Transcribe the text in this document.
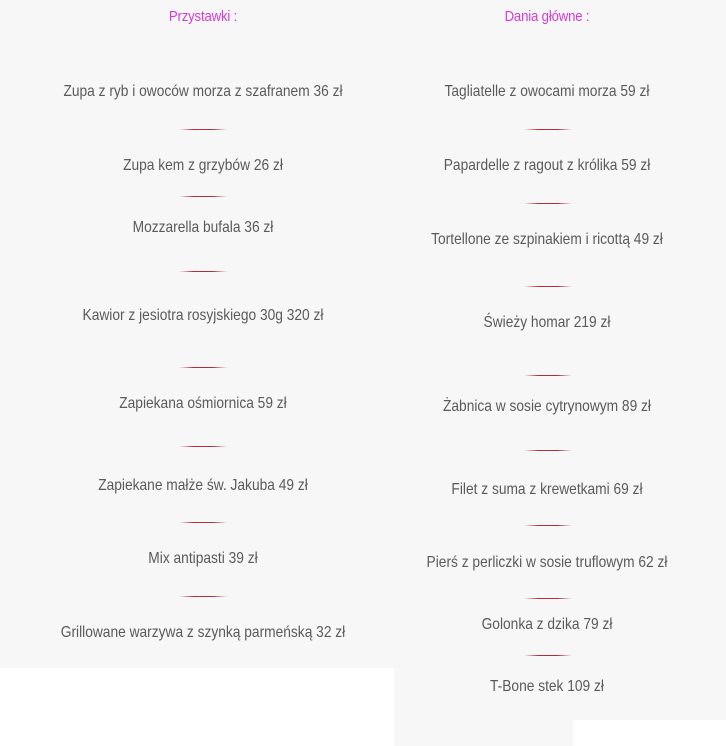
Przystawki :
Zupa z ryb i owoców morza z szafranem 36 zł
Zupa kem z grzybów 26 zł
Mozzarella bufala 36 zł
Kawior z jesiotra rosyjskiego 30g 320 zł
Zapiekana ośmiornica 59 zł
Zapiekane małże św. Jakuba 49 zł
Mix antipasti 39 zł
Grillowane warzywa z szynką parmeńską 32 zł
Dania główne :
Tagliatelle z owocami morza 59 zł
Papardelle z ragout z królika 59 zł
Tortellone ze szpinakiem i ricottą 49 zł
Świeży homar 219 zł
Żabnica w sosie cytrynowym 89 zł
Filet z suma z krewetkami 69 zł
Pierś z perliczki w sosie truflowym 62 zł
Golonka z dzika 79 zł
T-Bone stek 109 zł
